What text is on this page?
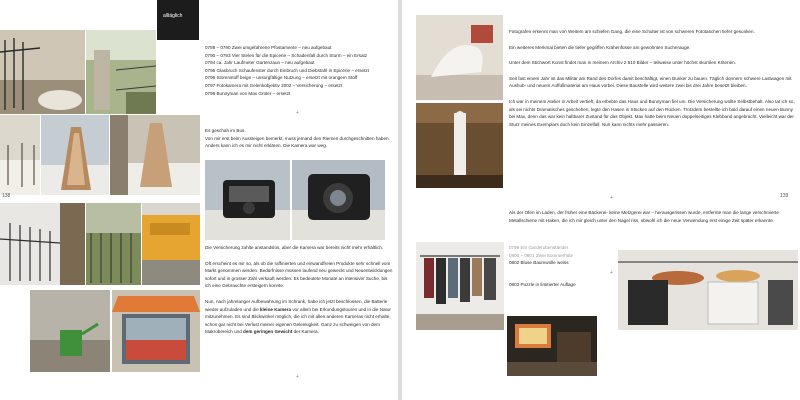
138
alltäglich
0789 – 0790 Zwei umgefahrene Pfostamente – neu aufgebaut
0790 – 0793 Vier Stelen für die Epicerie – Schadenfall durch Sturm – ein Ersatz
0794 ca. Jahr Laufmeter Gartenzaun – neu aufgebaut
0795 Glasbruch Schaufenster durch Einbruch und Diebstahl in Epicerie – ersetzt
0796 Storenstoff beige – unsorgfältige Nutzung – ersetzt mit orangem Stoff
0797 Fotokamera mit Gelenkobjektiv 2002 – Versicherung – ersetzt
0798 Bunnyman von Max Grüter – ersetzt
+

Es geschah im Bus.

Von mir erst beim Aussteigen bemerkt, muss jemand den Riemen durchgeschnitten haben. Anders kann ich es mir nicht erklären. Die Kamera war weg.

Die Versicherung zahlte anstandslos, aber die Kamera war bereits nicht mehr erhältlich.

Oft erscheint es mir so, als ob die raffinierten und einwandfreien Produkte sehr schnell vom Markt genommen werden. Bedürfnisse müssen laufend neu geweckt und Neuentwicklungen sofort und in grosser Zahl verkauft werden. Es bedeutete Monate an intensiver Suche, bis ich eine Gebrauchte ersteigern konnte.

Nun, nach jahrelanger Aufbewahrung im Schrank, habe ich jetzt beschlossen, die Batterie wieder aufzuladen und die kleine Kamera vor allem bei Erkundungstouren und in die Natur mitzunehmen. Es sind Blickwinkel möglich, die ich mit allen anderen Kameras nicht erhalte, schon gar nicht bei Verlust meiner eigenen Gelenkigkeit. Ganz zu schweigen von dem Makrobereich und dem geringen Gewicht der Kamera.

+

Fotografen erkennt man von Weitem am schiefen Gang, die eine Schulter ist von schweren Fototaschen tiefer gesunken.

Ein weiteres Merkmal bieten die tiefer gegriffen Krähenfüsse am gewohnten Sucherauge.

Unter dem Stichwort Kunst findet man in meinem Archiv 2 510 Bilder – teilweise unter höchst skurrilen Kriterien.

Seit fast einem Jahr ist das Militär am Rand des Dorfes damit beschäftigt, einen Bunker zu bauen. Täglich donnern schwere Lastwagen mit Aushub- und neuem Auffüllmaterial am Haus vorbei. Diese Baustelle wird weitere zwei bis drei Jahre besetzt bleiben.

Ich war in meinem Atelier in Arbeit vertieft, da erbebte das Haus und Bunnyman fiel um. Die Versicherung wollte Selbstbehalt. Also tat ich so, als sei nichts Dramatisches geschehen, legte den Hasen in Stücken auf den Rücken. Trotzdem bestellte ich bald darauf einen neuen Bunny bei Max, denn das war kein haltbarer Zustand für das Objekt. Max hatte beim Neuen doppelseitiges Klebband angebracht. Vielleicht war der Sturz meines Exemplars doch kein Einzelfall. Nun kann nichts mehr passieren.

139
+

Als der Ofen im Laden, der früher eine Bäckerei- keine Metzgerei war – herausgerissen wurde, entfernte man die lange verschmierte Metallschiene mit Haken, die ich mir gleich unter den Nagel riss, obwohl ich die neue Verwendung erst einige Zeit später erkannte.

0799 Ein Garderobenständer
0800 – 0801 Zwei Sommerhüte
0802 Bluse Baumwolle weiss
0803 Puzzle in limitierter Auflage
+
